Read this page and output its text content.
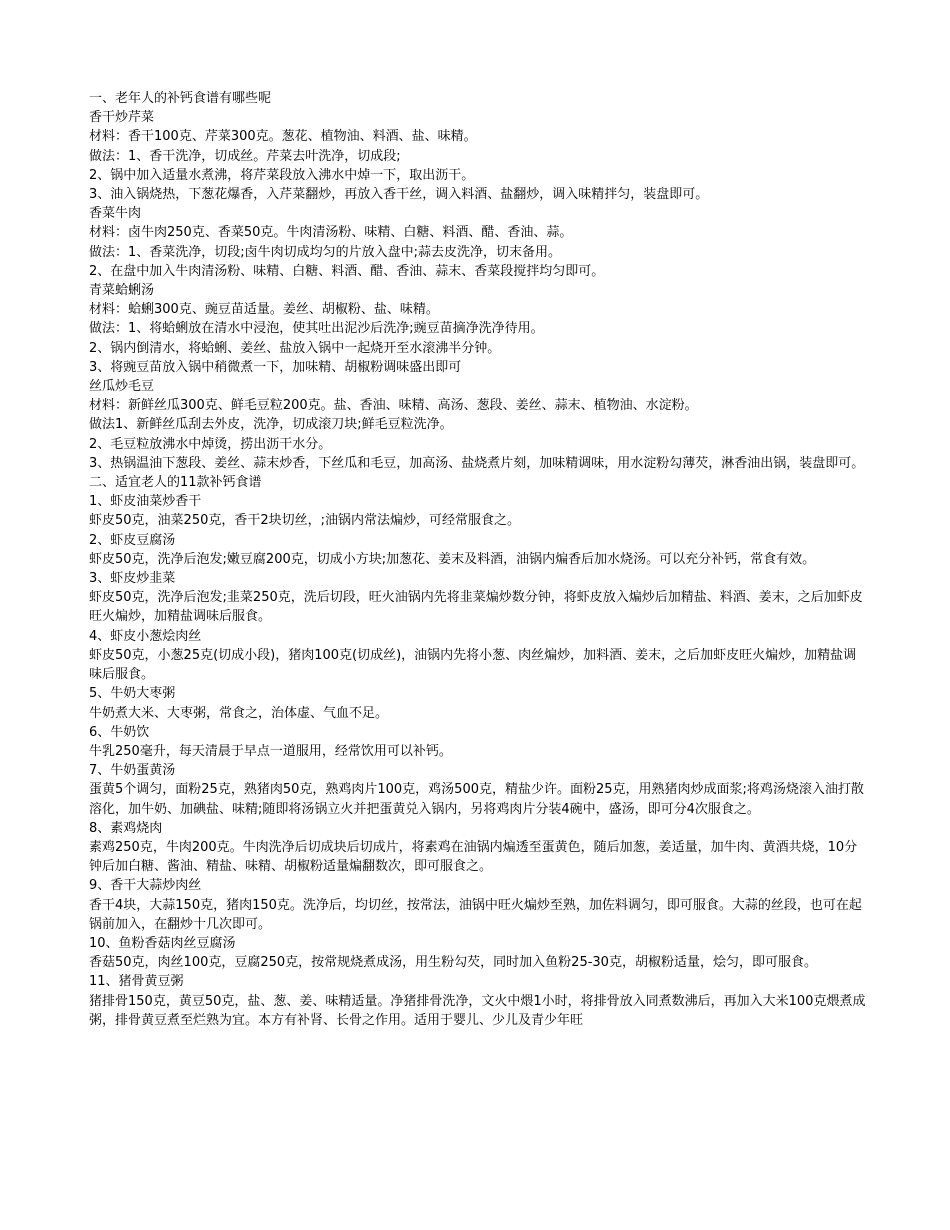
一、老年人的补钙食谱有哪些呢

香干炒芹菜

材料：香干100克、芹菜300克。葱花、植物油、料酒、盐、味精。

做法：1、香干洗净，切成丝。芹菜去叶洗净，切成段;

2、锅中加入适量水煮沸，将芹菜段放入沸水中焯一下，取出沥干。

3、油入锅烧热，下葱花爆香，入芹菜翻炒，再放入香干丝，调入料酒、盐翻炒，调入味精拌匀，装盘即可。

香菜牛肉

材料：卤牛肉250克、香菜50克。牛肉清汤粉、味精、白糖、料酒、醋、香油、蒜。

做法：1、香菜洗净，切段;卤牛肉切成均匀的片放入盘中;蒜去皮洗净，切末备用。

2、在盘中加入牛肉清汤粉、味精、白糖、料酒、醋、香油、蒜末、香菜段搅拌均匀即可。

青菜蛤蜊汤

材料：蛤蜊300克、豌豆苗适量。姜丝、胡椒粉、盐、味精。

做法：1、将蛤蜊放在清水中浸泡，使其吐出泥沙后洗净;豌豆苗摘净洗净待用。

2、锅内倒清水，将蛤蜊、姜丝、盐放入锅中一起烧开至水滚沸半分钟。

3、将豌豆苗放入锅中稍微煮一下，加味精、胡椒粉调味盛出即可

丝瓜炒毛豆

材料：新鲜丝瓜300克、鲜毛豆粒200克。盐、香油、味精、高汤、葱段、姜丝、蒜末、植物油、水淀粉。

做法1、新鲜丝瓜刮去外皮，洗净，切成滚刀块;鲜毛豆粒洗净。

2、毛豆粒放沸水中焯烫，捞出沥干水分。

3、热锅温油下葱段、姜丝、蒜末炒香，下丝瓜和毛豆，加高汤、盐烧煮片刻，加味精调味，用水淀粉勾薄芡，淋香油出锅，装盘即可。

二、适宜老人的11款补钙食谱

1、虾皮油菜炒香干

虾皮50克，油菜250克，香干2块切丝，;油锅内常法煸炒，可经常服食之。

2、虾皮豆腐汤

虾皮50克，洗净后泡发;嫩豆腐200克，切成小方块;加葱花、姜末及料酒，油锅内煸香后加水烧汤。可以充分补钙，常食有效。

3、虾皮炒韭菜

虾皮50克，洗净后泡发;韭菜250克，洗后切段，旺火油锅内先将韭菜煸炒数分钟，将虾皮放入煸炒后加精盐、料酒、姜末，之后加虾皮旺火煸炒，加精盐调味后服食。

4、虾皮小葱烩肉丝

虾皮50克，小葱25克(切成小段)，猪肉100克(切成丝)，油锅内先将小葱、肉丝煸炒，加料酒、姜末，之后加虾皮旺火煸炒，加精盐调味后服食。

5、牛奶大枣粥

牛奶煮大米、大枣粥，常食之，治体虚、气血不足。

6、牛奶饮

牛乳250毫升，每天清晨于早点一道服用，经常饮用可以补钙。

7、牛奶蛋黄汤

蛋黄5个调匀，面粉25克，熟猪肉50克，熟鸡肉片100克，鸡汤500克，精盐少许。面粉25克，用熟猪肉炒成面浆;将鸡汤烧滚入油打散溶化，加牛奶、加碘盐、味精;随即将汤锅立火并把蛋黄兑入锅内，另将鸡肉片分装4碗中，盛汤，即可分4次服食之。

8、素鸡烧肉

素鸡250克，牛肉200克。牛肉洗净后切成块后切成片，将素鸡在油锅内煸透至蛋黄色，随后加葱，姜适量，加牛肉、黄酒共烧，10分钟后加白糖、酱油、精盐、味精、胡椒粉适量煸翻数次，即可服食之。

9、香干大蒜炒肉丝

香干4块，大蒜150克，猪肉150克。洗净后，均切丝，按常法，油锅中旺火煸炒至熟，加佐料调匀，即可服食。大蒜的丝段，也可在起锅前加入，在翻炒十几次即可。

10、鱼粉香菇肉丝豆腐汤

香菇50克，肉丝100克，豆腐250克，按常规烧煮成汤，用生粉勾芡，同时加入鱼粉25-30克，胡椒粉适量，烩匀，即可服食。

11、猪骨黄豆粥

猪排骨150克，黄豆50克，盐、葱、姜、味精适量。净猪排骨洗净，文火中煨1小时，将排骨放入同煮数沸后，再加入大米100克煨煮成粥，排骨黄豆煮至烂熟为宜。本方有补肾、长骨之作用。适用于婴儿、少儿及青少年旺
